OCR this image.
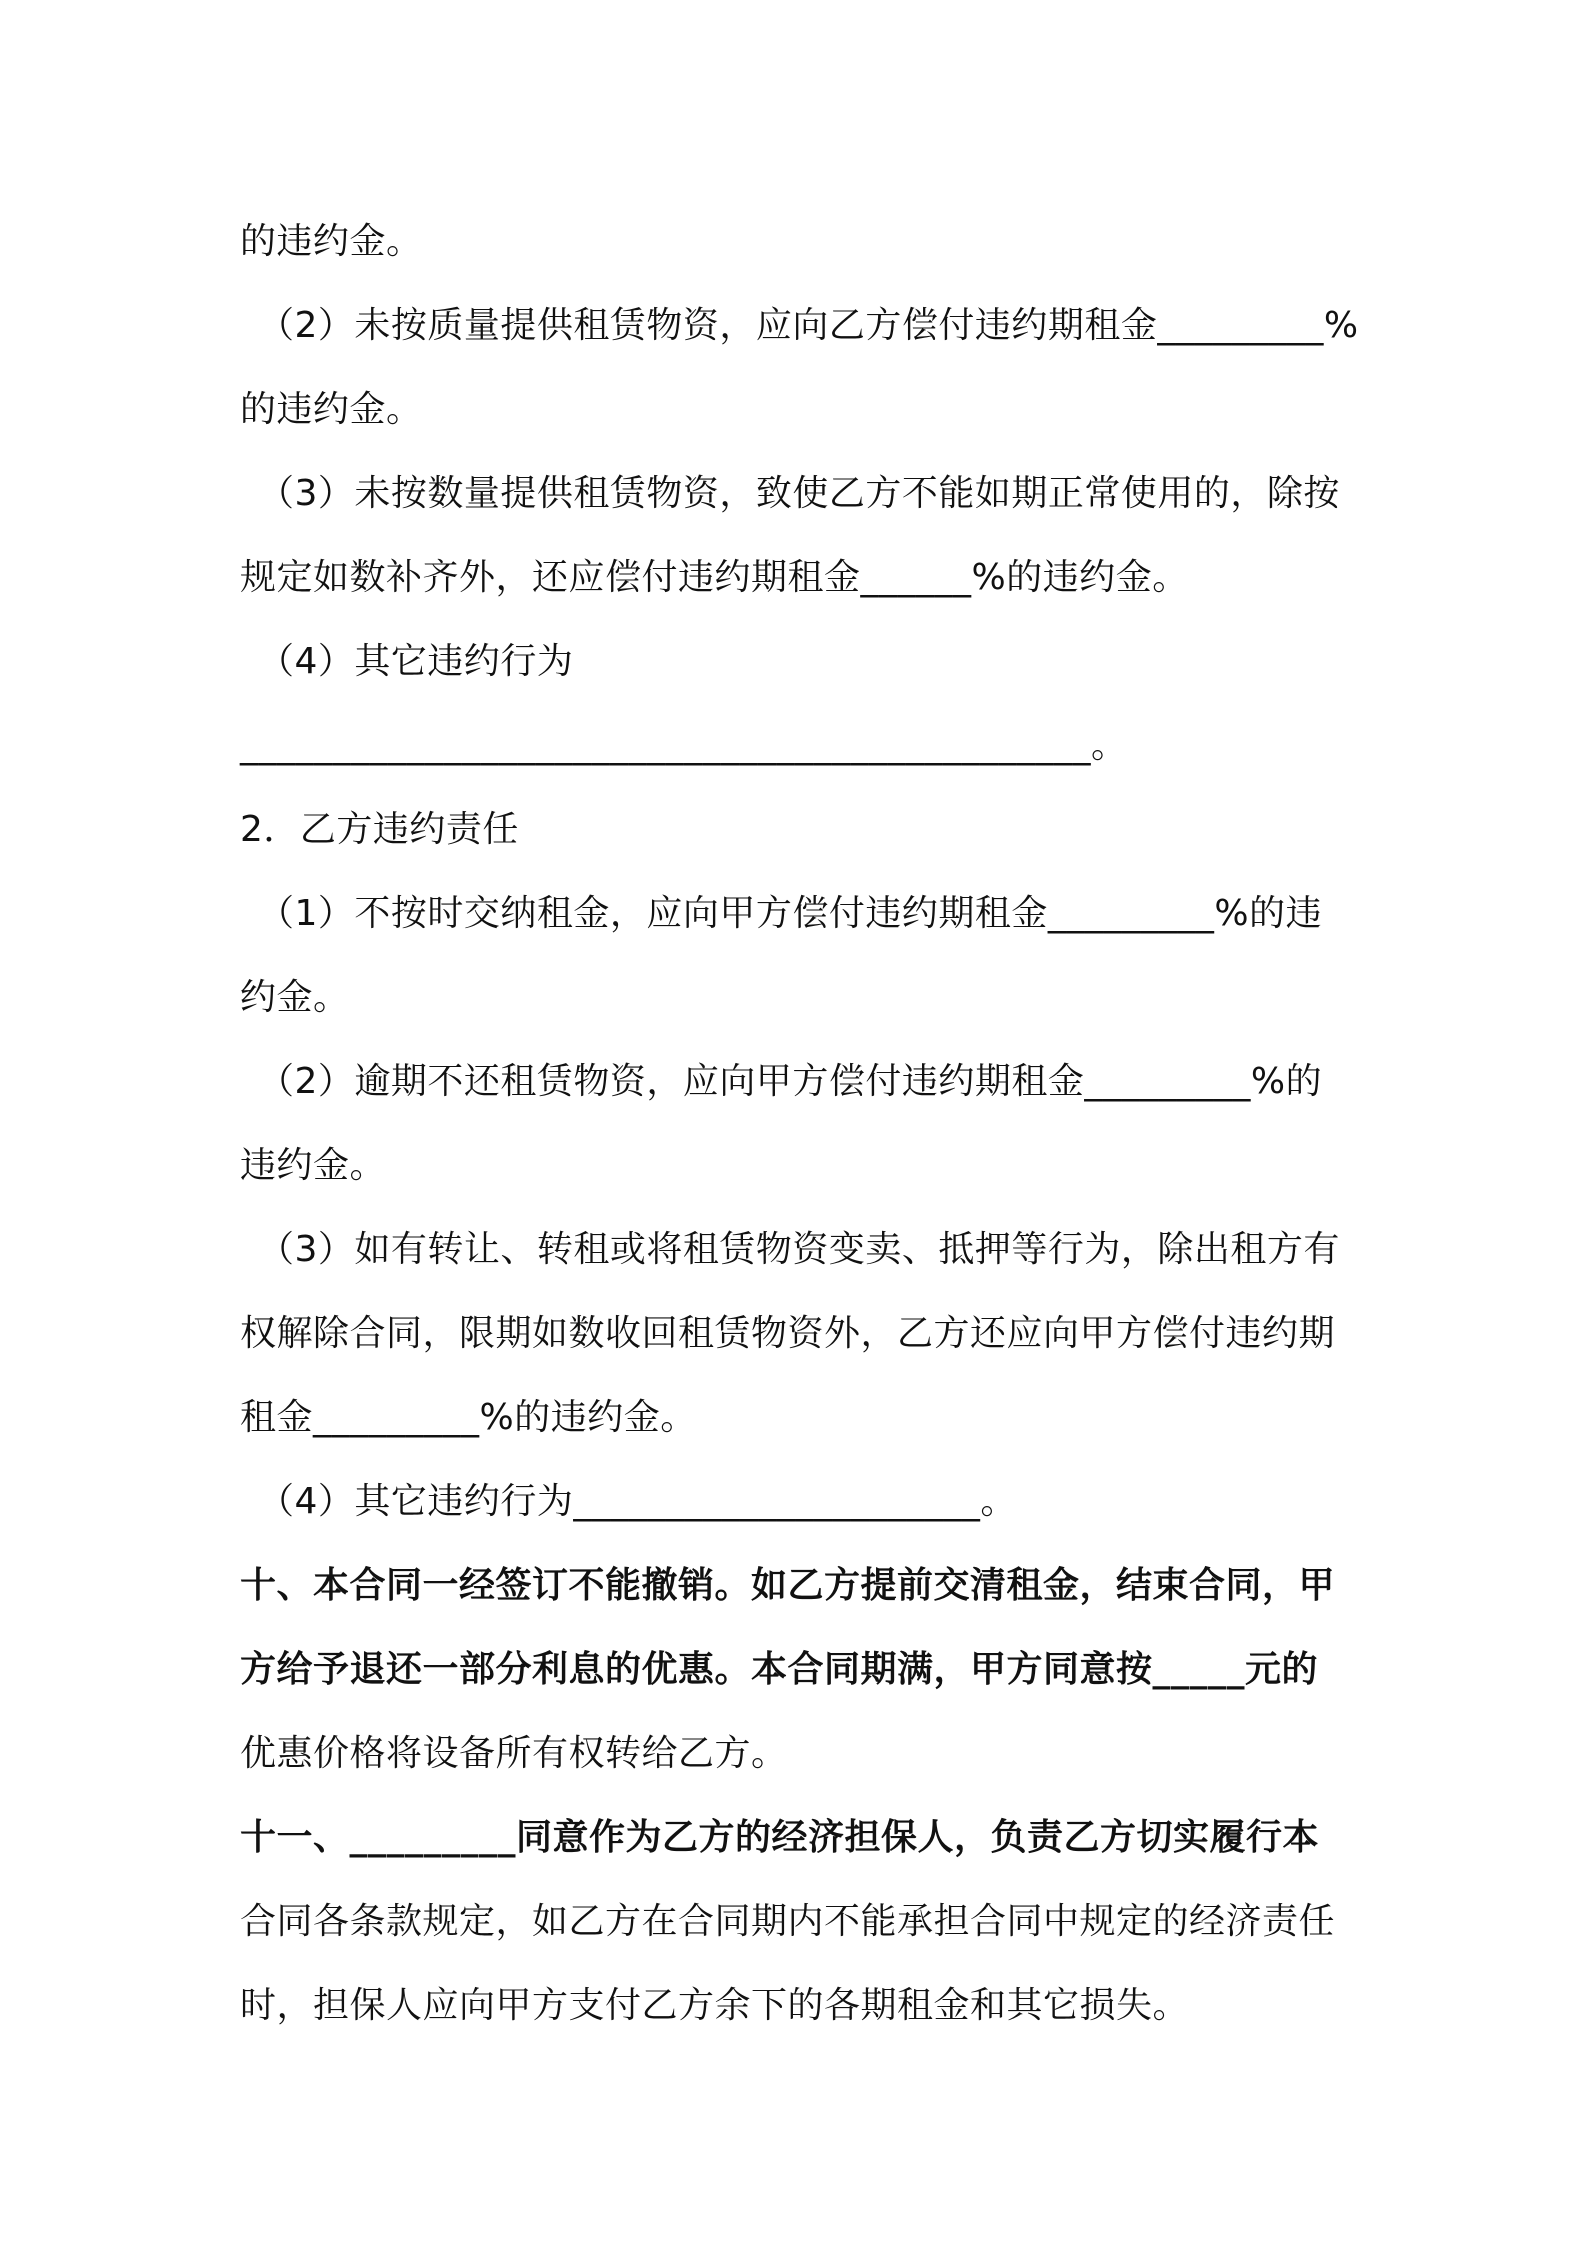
的违约金。
（2）未按质量提供租赁物资，应向乙方偿付违约期租金_________%
的违约金。
（3）未按数量提供租赁物资，致使乙方不能如期正常使用的，除按
规定如数补齐外，还应偿付违约期租金______%的违约金。
（4）其它违约行为
______________________________________________。
2．乙方违约责任
（1）不按时交纳租金，应向甲方偿付违约期租金_________%的违
约金。
（2）逾期不还租赁物资，应向甲方偿付违约期租金_________%的
违约金。
（3）如有转让、转租或将租赁物资变卖、抵押等行为，除出租方有
权解除合同，限期如数收回租赁物资外，乙方还应向甲方偿付违约期
租金_________%的违约金。
（4）其它违约行为______________________。
十、本合同一经签订不能撤销。如乙方提前交清租金，结束合同，甲
方给予退还一部分利息的优惠。本合同期满，甲方同意按_____元的
优惠价格将设备所有权转给乙方。
十一、_________同意作为乙方的经济担保人，负责乙方切实履行本
合同各条款规定，如乙方在合同期内不能承担合同中规定的经济责任
时，担保人应向甲方支付乙方余下的各期租金和其它损失。
